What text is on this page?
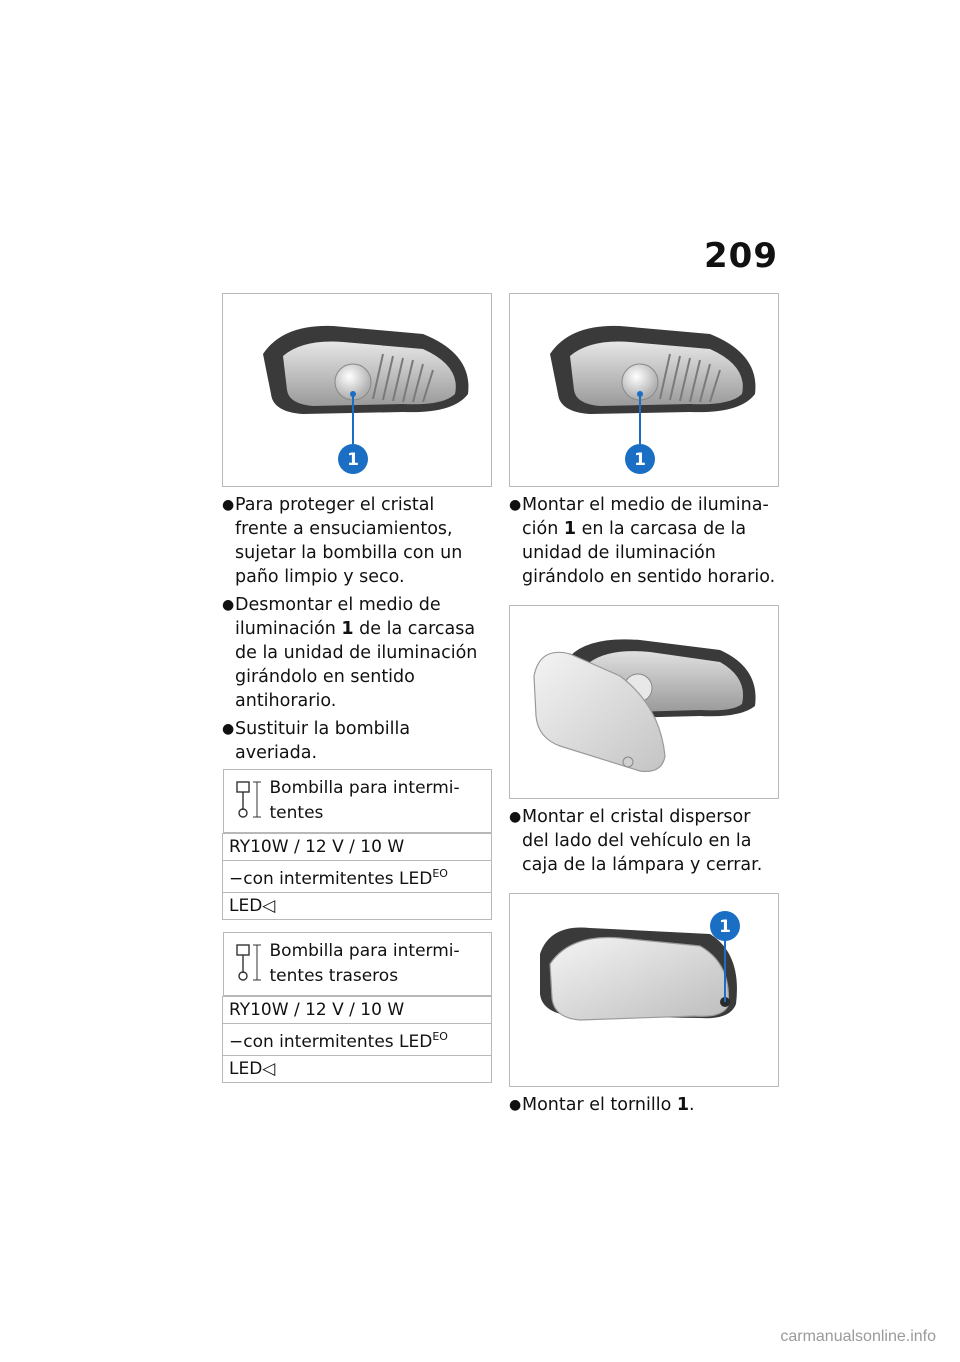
209
1
● Para proteger el cristal frente a ensuciamientos, sujetar la bombilla con un paño limpio y seco.
● Desmontar el medio de iluminación 1 de la carcasa de la unidad de iluminación girándolo en sentido antihorario.
● Sustituir la bombilla averiada.
Bombilla para intermitentes

RY10W / 12 V / 10 W
−con intermitentes $LED^{EO}$
LED◁
Bombilla para intermitentes traseros

RY10W / 12 V / 10 W
−con intermitentes $LED^{EO}$
LED◁
1
● Montar el medio de iluminación 1 en la carcasa de la unidad de iluminación girándolo en sentido horario.
● Montar el cristal dispersor del lado del vehículo en la caja de la lámpara y cerrar.
1
● Montar el tornillo 1.
carmanualsonline.info
